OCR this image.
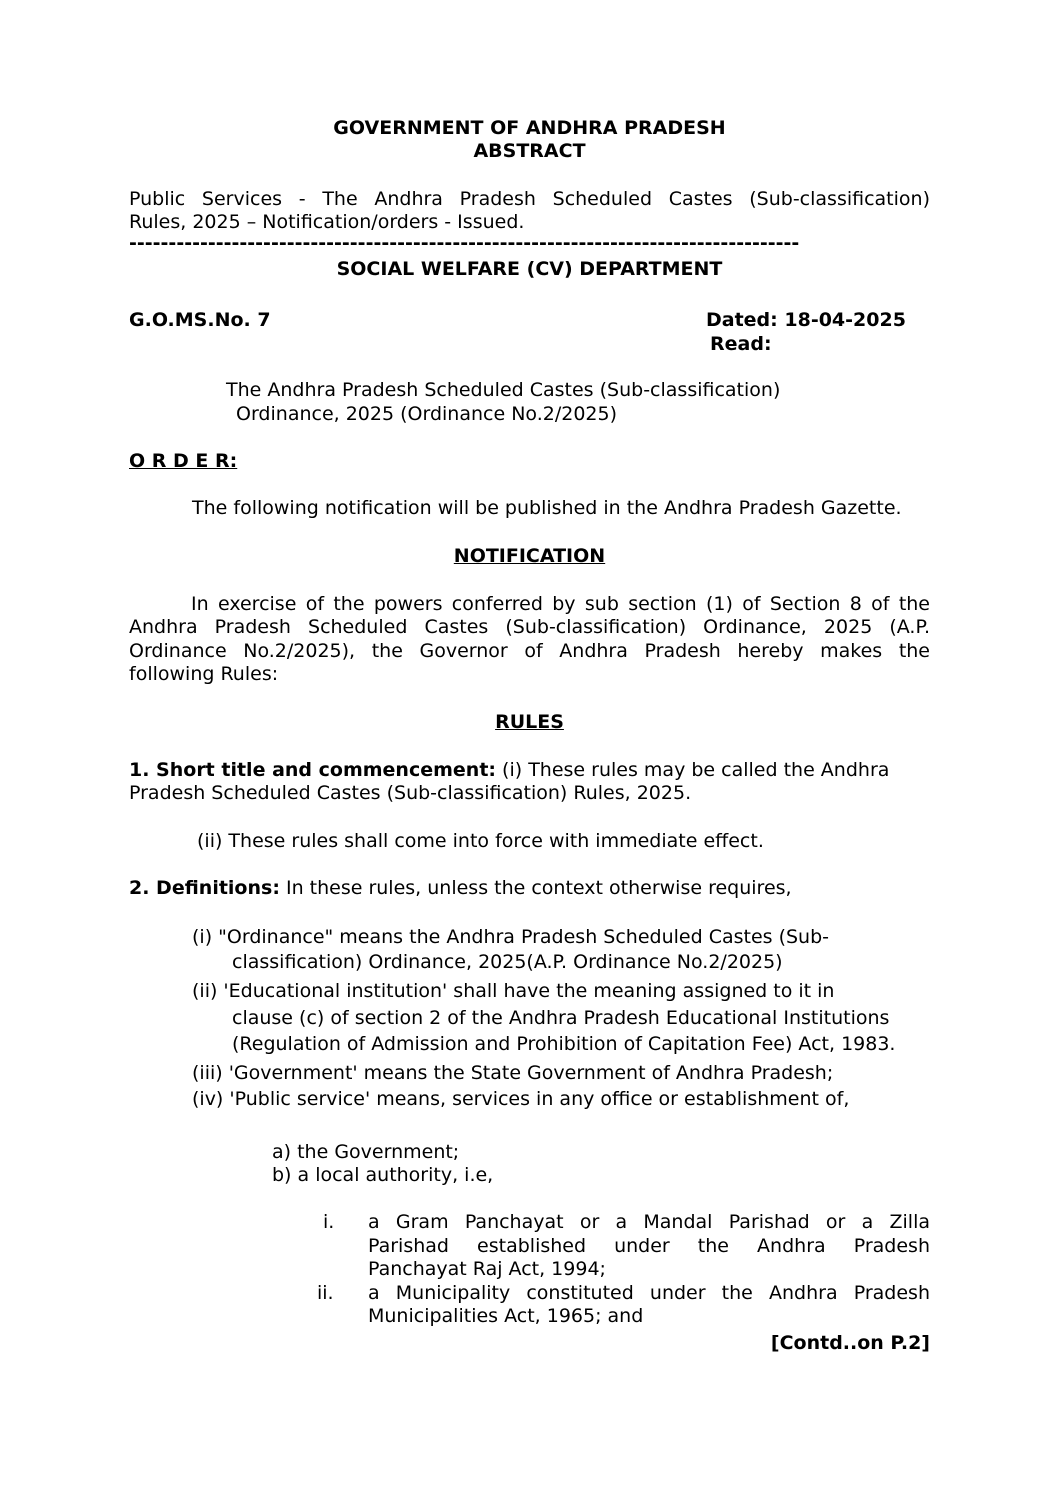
GOVERNMENT OF ANDHRA PRADESH
ABSTRACT
Public Services - The Andhra Pradesh Scheduled Castes (Sub-classification)
Rules, 2025 – Notification/orders - Issued.
-------------------------------------------------------------------------------------
SOCIAL WELFARE (CV) DEPARTMENT
G.O.MS.No. 7	Dated: 18-04-2025
Read:
The Andhra Pradesh Scheduled Castes (Sub-classification)
Ordinance, 2025 (Ordinance No.2/2025)
O R D E R:
The following notification will be published in the Andhra Pradesh Gazette.
NOTIFICATION
In exercise of the powers conferred by sub section (1) of Section 8 of the
Andhra Pradesh Scheduled Castes (Sub-classification) Ordinance, 2025 (A.P.
Ordinance No.2/2025), the Governor of Andhra Pradesh hereby makes the
following Rules:
RULES
1. Short title and commencement: (i) These rules may be called the Andhra
Pradesh Scheduled Castes (Sub-classification) Rules, 2025.
(ii) These rules shall come into force with immediate effect.
2. Definitions: In these rules, unless the context otherwise requires,
(i) "Ordinance" means the Andhra Pradesh Scheduled Castes (Sub-
classification) Ordinance, 2025(A.P. Ordinance No.2/2025)
(ii) 'Educational institution' shall have the meaning assigned to it in
clause (c) of section 2 of the Andhra Pradesh Educational Institutions
(Regulation of Admission and Prohibition of Capitation Fee) Act, 1983.
(iii) 'Government' means the State Government of Andhra Pradesh;
(iv) 'Public service' means, services in any office or establishment of,
a) the Government;
b) a local authority, i.e,
i. a Gram Panchayat or a Mandal Parishad or a Zilla
Parishad established under the Andhra Pradesh
Panchayat Raj Act, 1994;
ii. a Municipality constituted under the Andhra Pradesh
Municipalities Act, 1965; and
[Contd..on P.2]
